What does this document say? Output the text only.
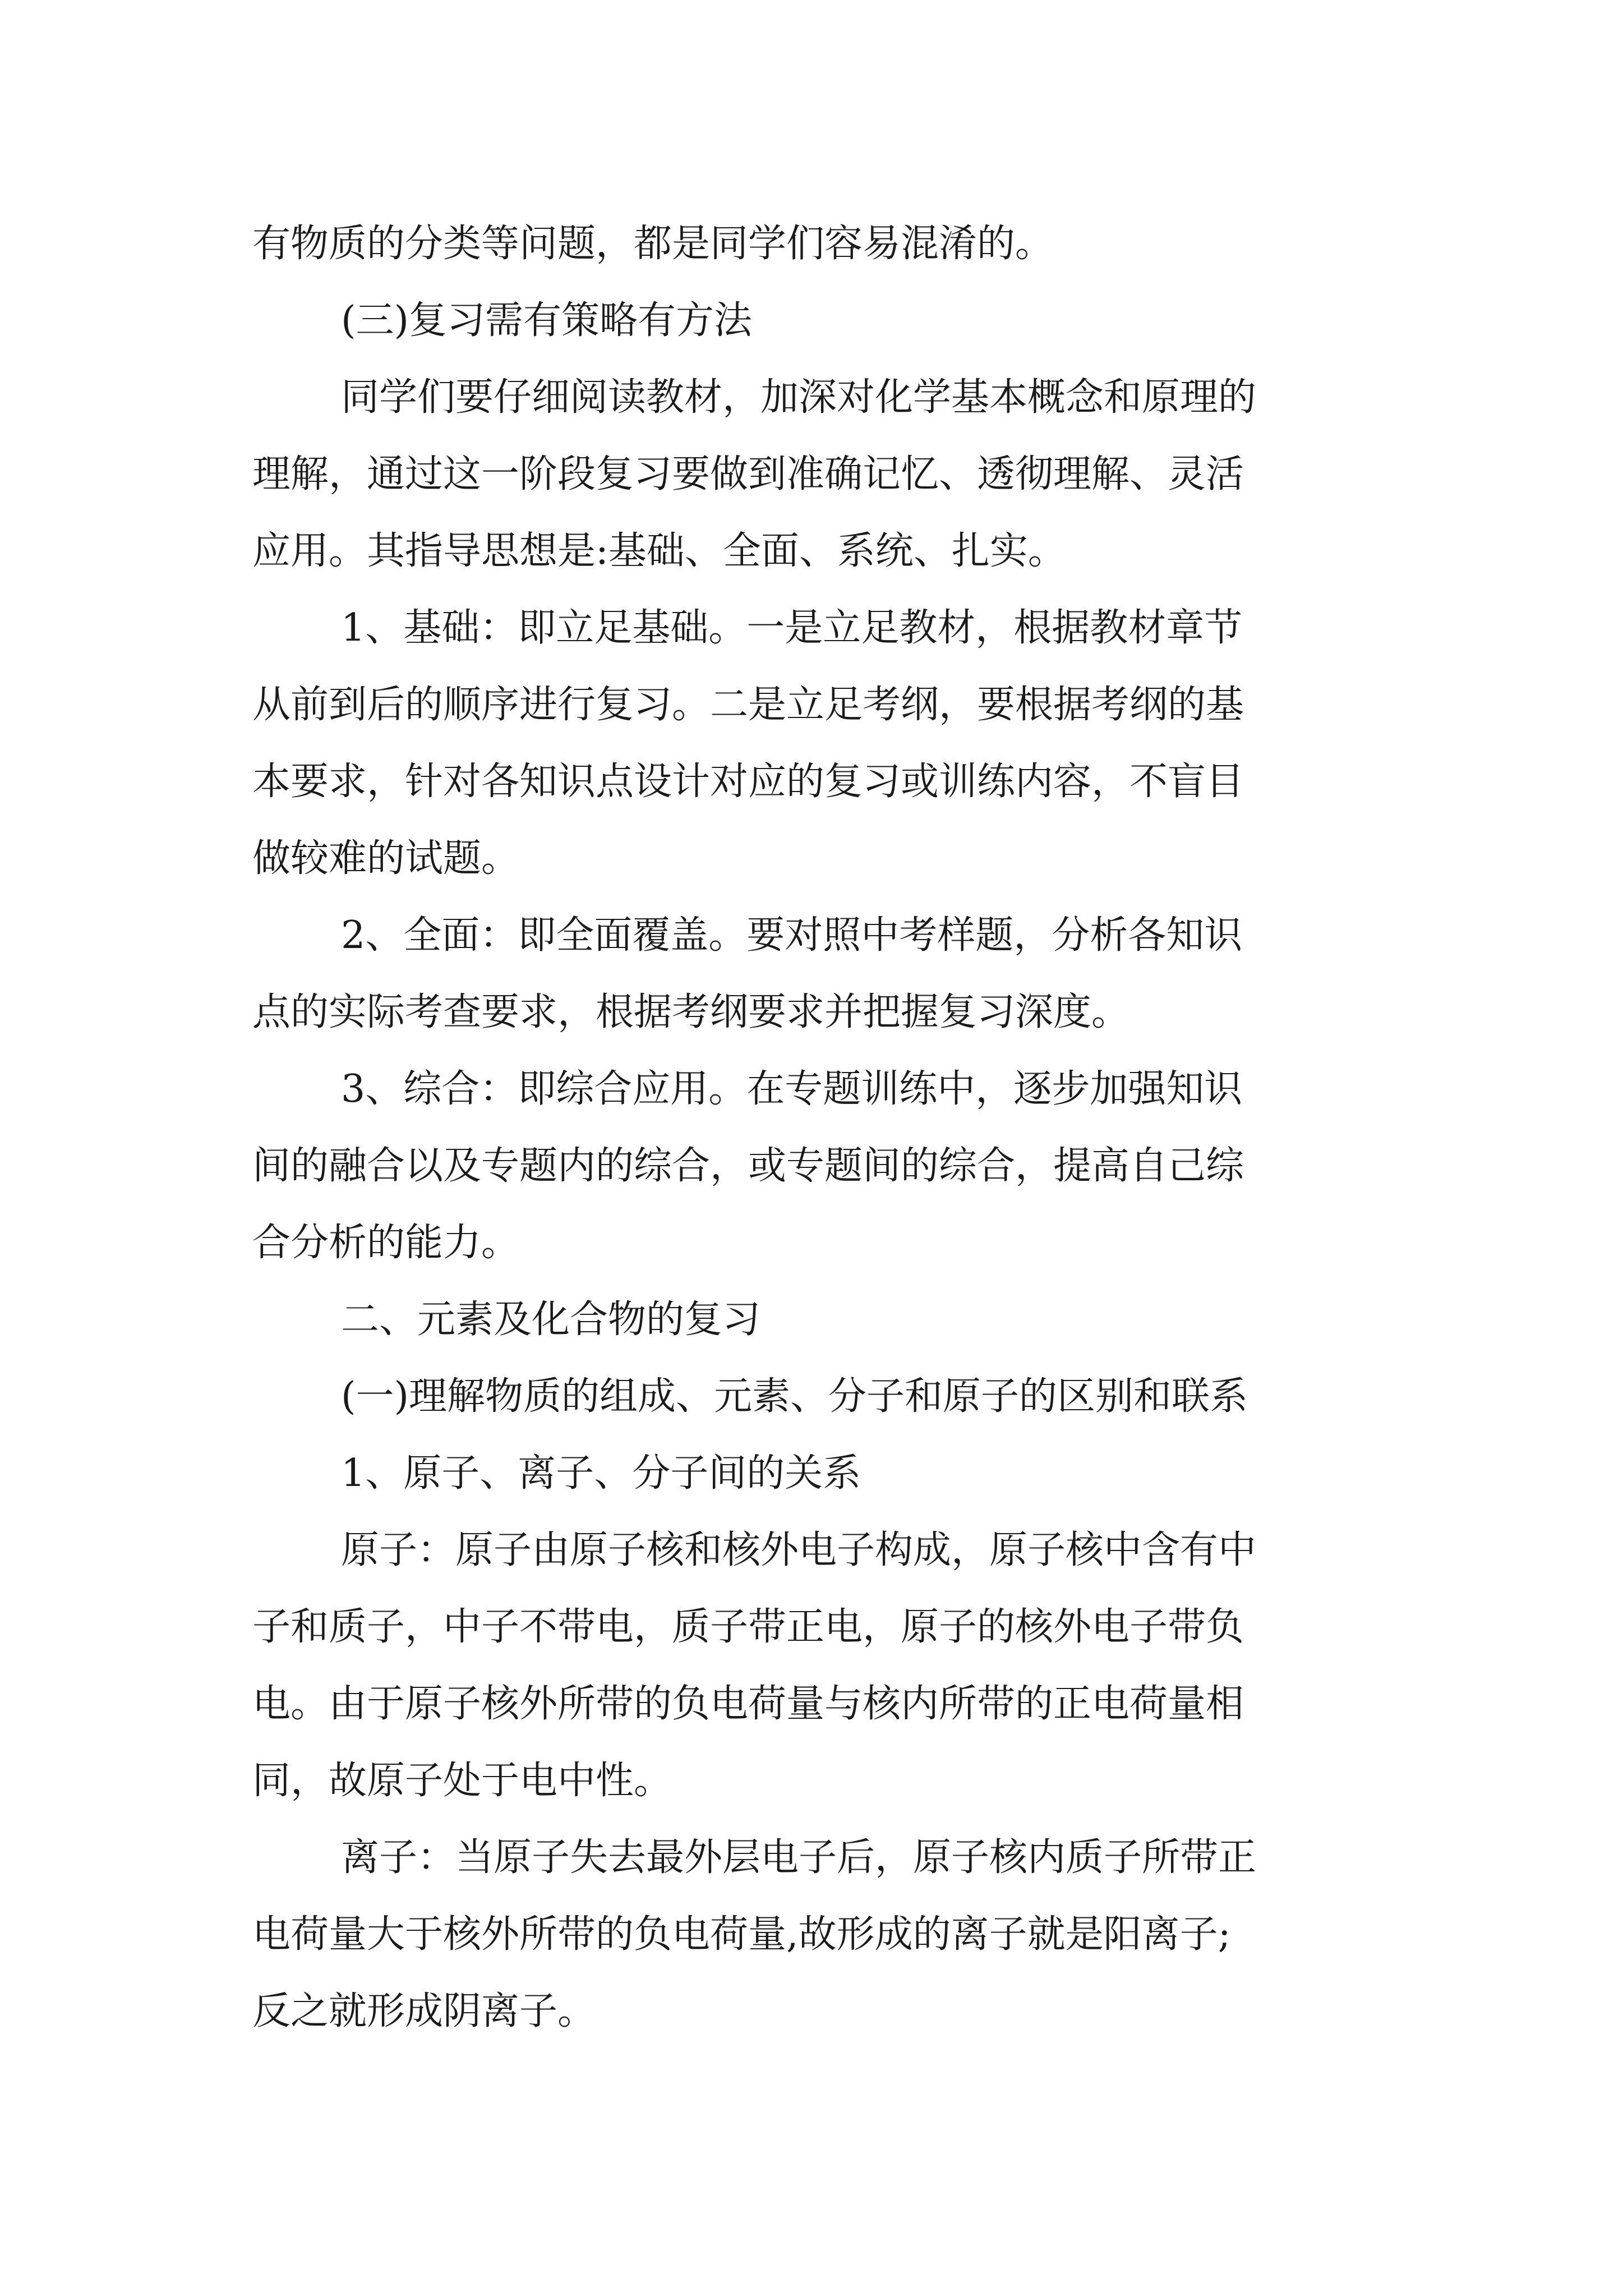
有物质的分类等问题，都是同学们容易混淆的。
(三)复习需有策略有方法
同学们要仔细阅读教材，加深对化学基本概念和原理的
理解，通过这一阶段复习要做到准确记忆、透彻理解、灵活
应用。其指导思想是:基础、全面、系统、扎实。
1、基础：即立足基础。一是立足教材，根据教材章节
从前到后的顺序进行复习。二是立足考纲，要根据考纲的基
本要求，针对各知识点设计对应的复习或训练内容，不盲目
做较难的试题。
2、全面：即全面覆盖。要对照中考样题，分析各知识
点的实际考查要求，根据考纲要求并把握复习深度。
3、综合：即综合应用。在专题训练中，逐步加强知识
间的融合以及专题内的综合，或专题间的综合，提高自己综
合分析的能力。
二、元素及化合物的复习
(一)理解物质的组成、元素、分子和原子的区别和联系
1、原子、离子、分子间的关系
原子：原子由原子核和核外电子构成，原子核中含有中
子和质子，中子不带电，质子带正电，原子的核外电子带负
电。由于原子核外所带的负电荷量与核内所带的正电荷量相
同，故原子处于电中性。
离子：当原子失去最外层电子后，原子核内质子所带正
电荷量大于核外所带的负电荷量,故形成的离子就是阳离子;
反之就形成阴离子。
